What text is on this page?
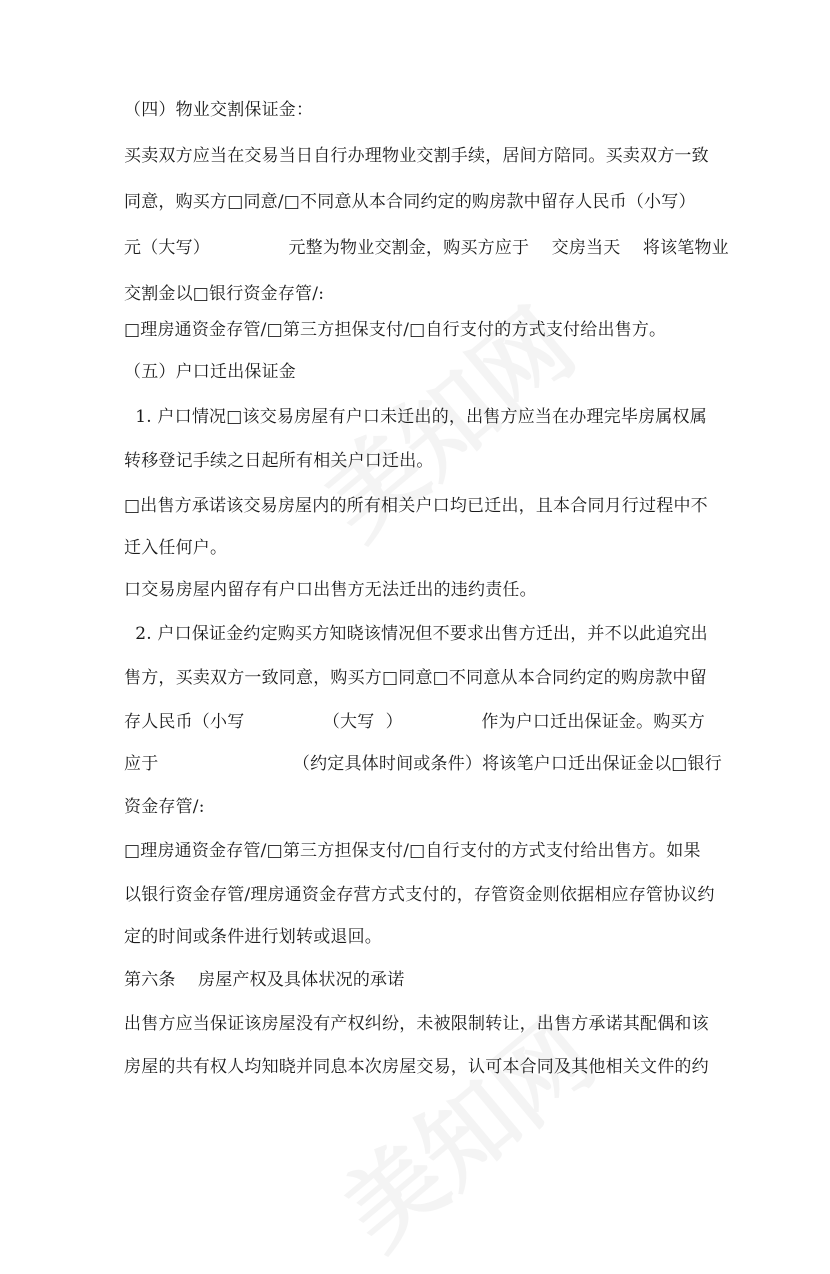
（四）物业交割保证金：
买卖双方应当在交易当日自行办理物业交割手续，居间方陪同。买卖双方一致
同意，购买方□同意/□不同意从本合同约定的购房款中留存人民币（小写）
元（大写）              元整为物业交割金，购买方应于    交房当天    将该笔物业
交割金以□银行资金存管/:
□理房通资金存管/□第三方担保支付/□自行支付的方式支付给出售方。
（五）户口迁出保证金
1. 户口情况□该交易房屋有户口未迁出的，出售方应当在办理完毕房属权属
转移登记手续之日起所有相关户口迁出。
□出售方承诺该交易房屋内的所有相关户口均已迁出，且本合同月行过程中不
迁入任何户。
口交易房屋内留存有户口出售方无法迁出的违约责任。
2. 户口保证金约定购买方知晓该情况但不要求出售方迁出，并不以此追究出
售方，买卖双方一致同意，购买方□同意□不同意从本合同约定的购房款中留
存人民币（小写              （大写  ）              作为户口迁出保证金。购买方
应于                        （约定具体时间或条件）将该笔户口迁出保证金以□银行
资金存管/:
□理房通资金存管/□第三方担保支付/□自行支付的方式支付给出售方。如果
以银行资金存管/理房通资金存营方式支付的，存管资金则依据相应存管协议约
定的时间或条件进行划转或退回。
第六条    房屋产权及具体状况的承诺
出售方应当保证该房屋没有产权纠纷，未被限制转让，出售方承诺其配偶和该
房屋的共有权人均知晓并同息本次房屋交易，认可本合同及其他相关文件的约
